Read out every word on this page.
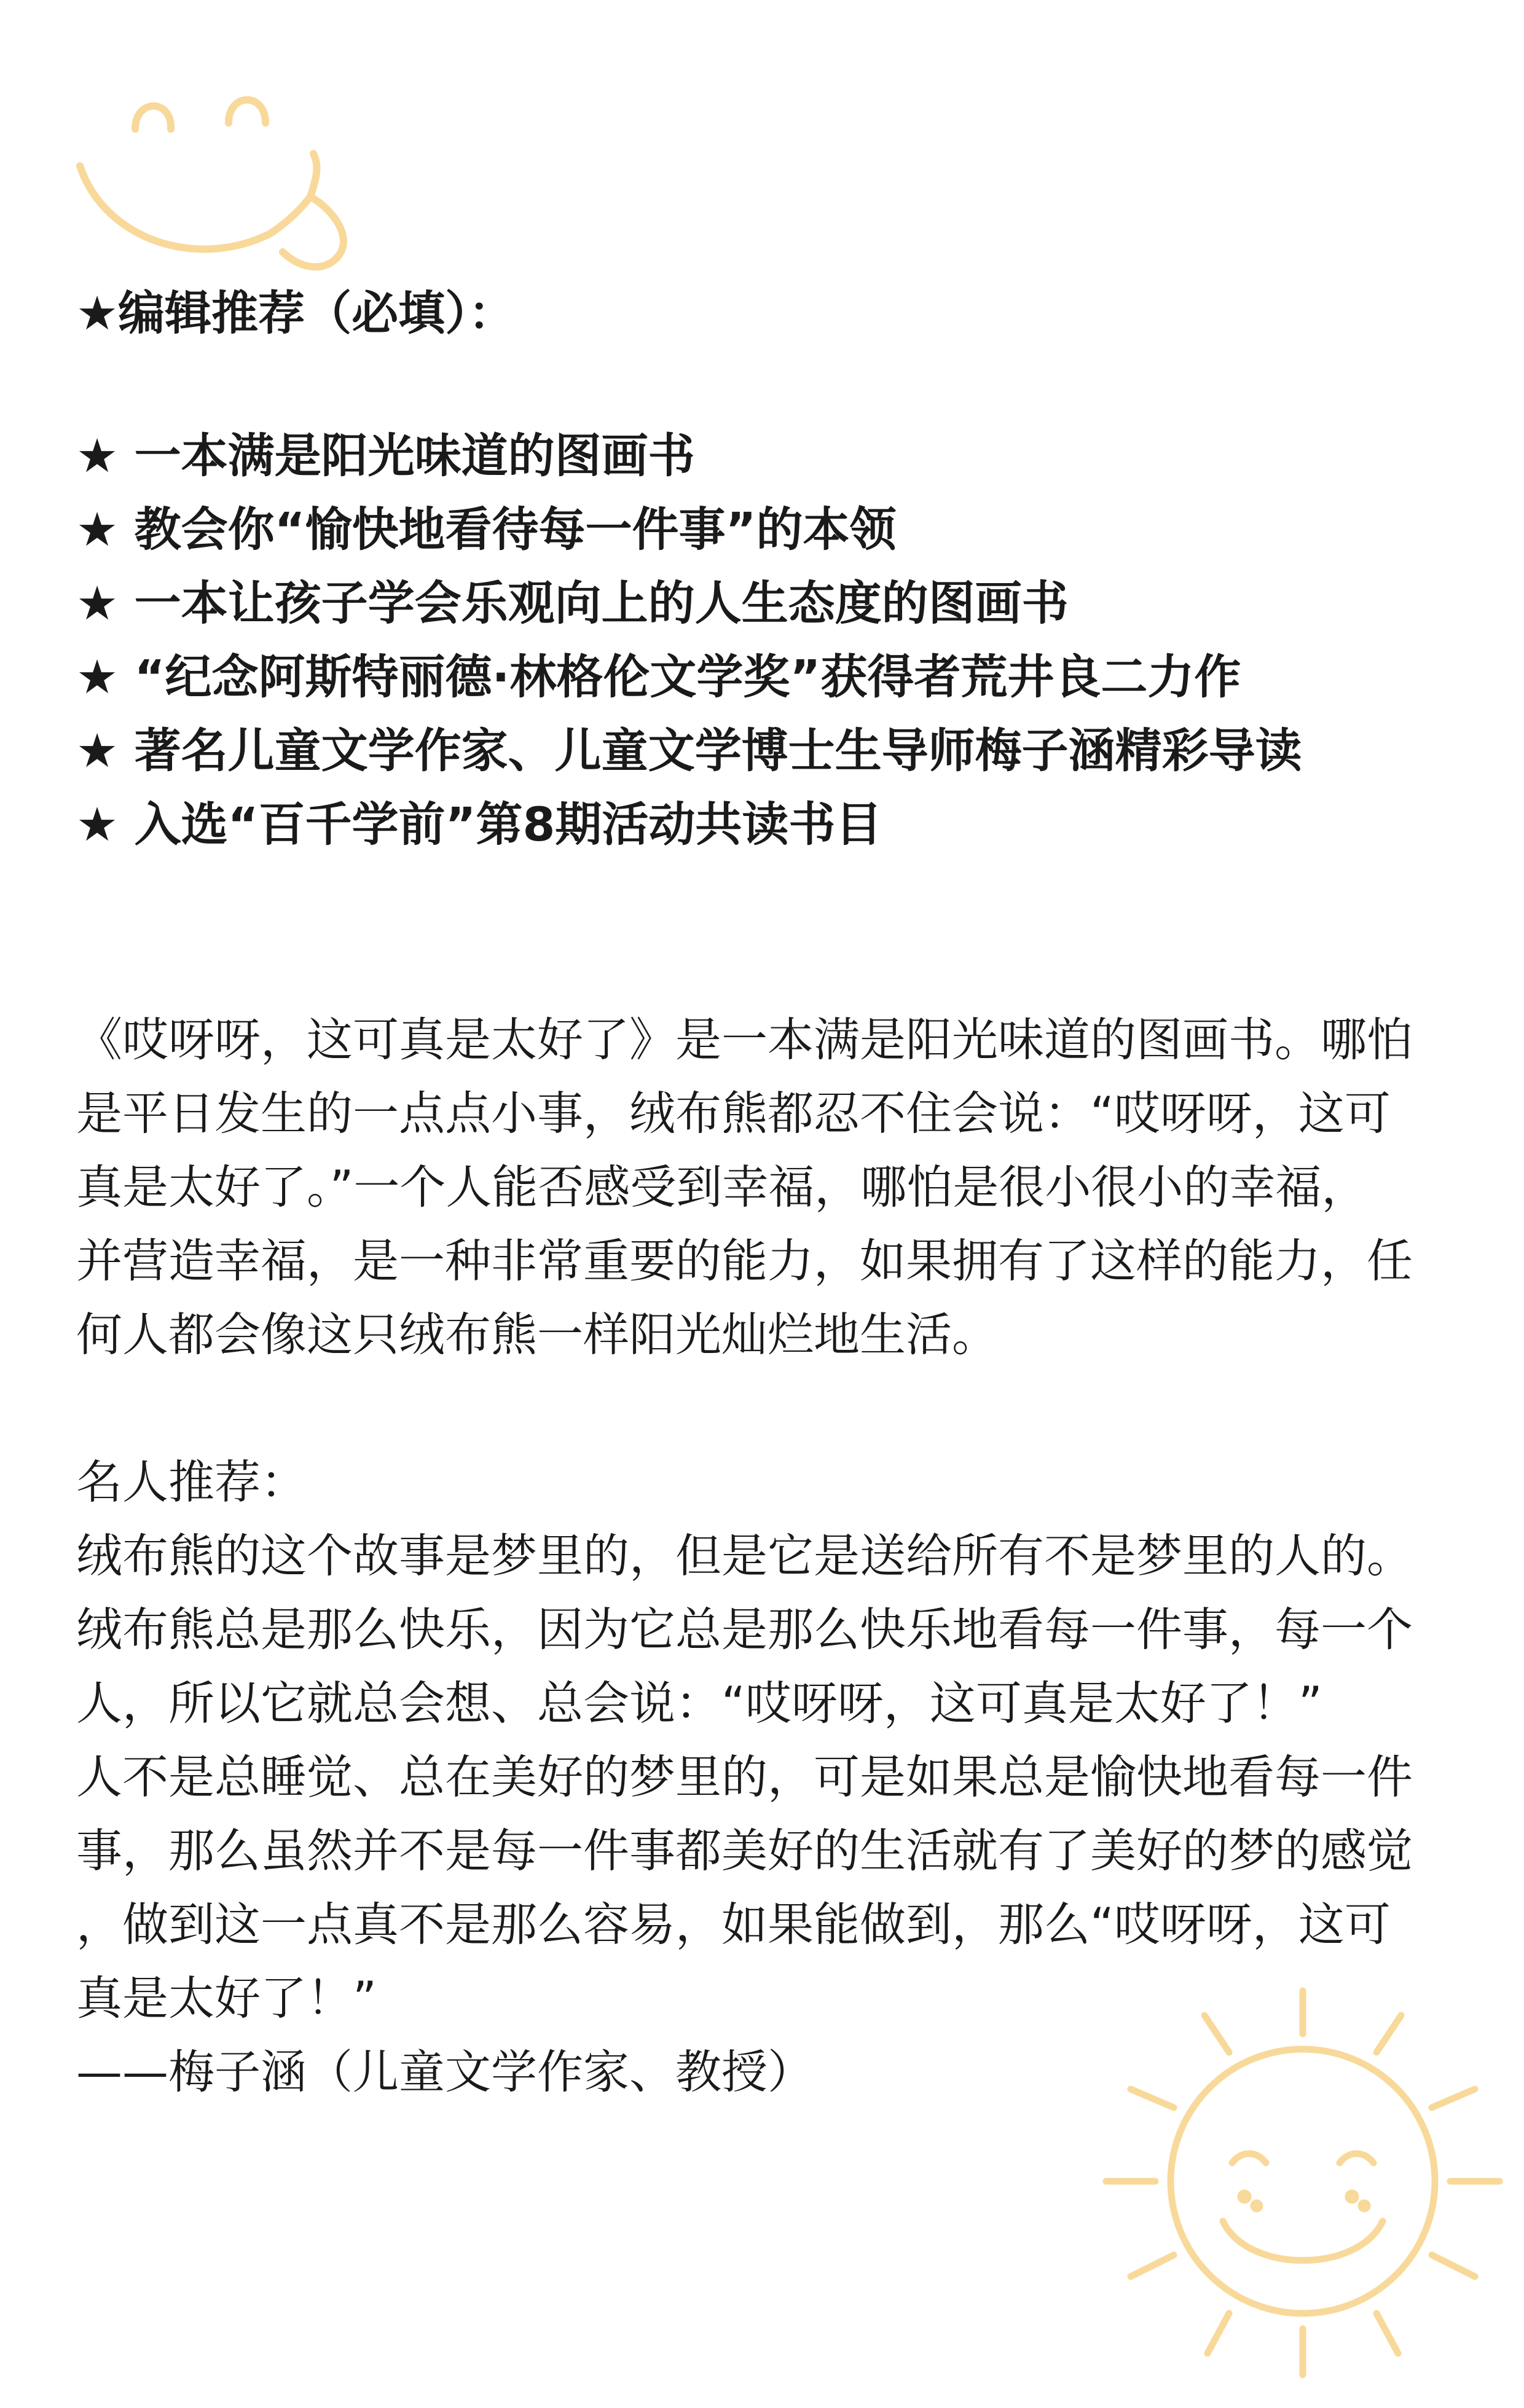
★编辑推荐（必填）：
★ 一本满是阳光味道的图画书
★ 教会你“愉快地看待每一件事”的本领
★ 一本让孩子学会乐观向上的人生态度的图画书
★ “纪念阿斯特丽德·林格伦文学奖”获得者荒井良二力作
★ 著名儿童文学作家、儿童文学博士生导师梅子涵精彩导读
★ 入选“百千学前”第8期活动共读书目

《哎呀呀，这可真是太好了》是一本满是阳光味道的图画书。哪怕

是平日发生的一点点小事，绒布熊都忍不住会说：“哎呀呀，这可

真是太好了。”一个人能否感受到幸福，哪怕是很小很小的幸福，

并营造幸福，是一种非常重要的能力，如果拥有了这样的能力，任

何人都会像这只绒布熊一样阳光灿烂地生活。

名人推荐：

绒布熊的这个故事是梦里的，但是它是送给所有不是梦里的人的。

绒布熊总是那么快乐，因为它总是那么快乐地看每一件事，每一个

人，所以它就总会想、总会说：“哎呀呀，这可真是太好了！”

人不是总睡觉、总在美好的梦里的，可是如果总是愉快地看每一件

事，那么虽然并不是每一件事都美好的生活就有了美好的梦的感觉

，做到这一点真不是那么容易，如果能做到，那么“哎呀呀，这可

真是太好了！”

——梅子涵（儿童文学作家、教授）
